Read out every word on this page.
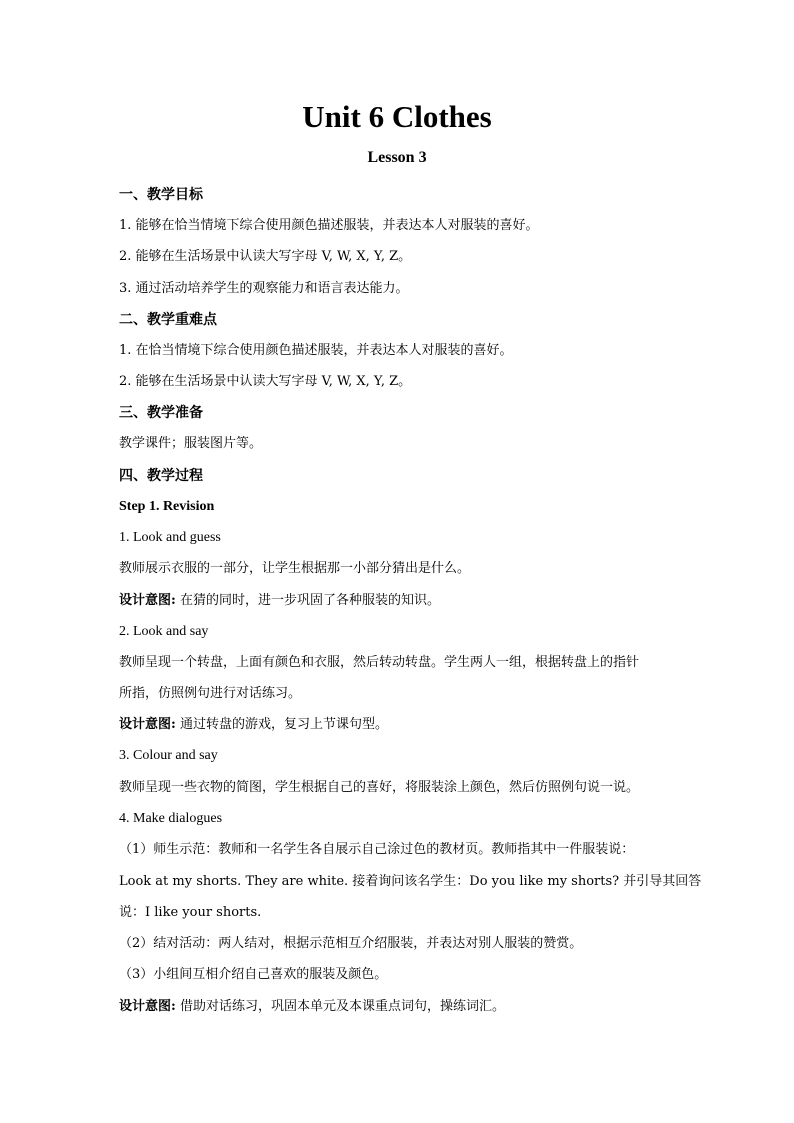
Unit 6 Clothes
Lesson 3
一、教学目标
1. 能够在恰当情境下综合使用颜色描述服装，并表达本人对服装的喜好。
2. 能够在生活场景中认读大写字母 V, W, X, Y, Z。
3. 通过活动培养学生的观察能力和语言表达能力。
二、教学重难点
1. 在恰当情境下综合使用颜色描述服装，并表达本人对服装的喜好。
2. 能够在生活场景中认读大写字母 V, W, X, Y, Z。
三、教学准备
教学课件；服装图片等。
四、教学过程
Step 1. Revision
1. Look and guess
教师展示衣服的一部分，让学生根据那一小部分猜出是什么。
设计意图: 在猜的同时，进一步巩固了各种服装的知识。
2. Look and say
教师呈现一个转盘，上面有颜色和衣服，然后转动转盘。学生两人一组，根据转盘上的指针
所指，仿照例句进行对话练习。
设计意图: 通过转盘的游戏，复习上节课句型。
3. Colour and say
教师呈现一些衣物的简图，学生根据自己的喜好，将服装涂上颜色，然后仿照例句说一说。
4. Make dialogues
（1）师生示范：教师和一名学生各自展示自己涂过色的教材页。教师指其中一件服装说：
Look at my shorts. They are white. 接着询问该名学生：Do you like my shorts? 并引导其回答
说：I like your shorts.
（2）结对活动：两人结对，根据示范相互介绍服装，并表达对别人服装的赞赏。
（3）小组间互相介绍自己喜欢的服装及颜色。
设计意图: 借助对话练习，巩固本单元及本课重点词句，操练词汇。
